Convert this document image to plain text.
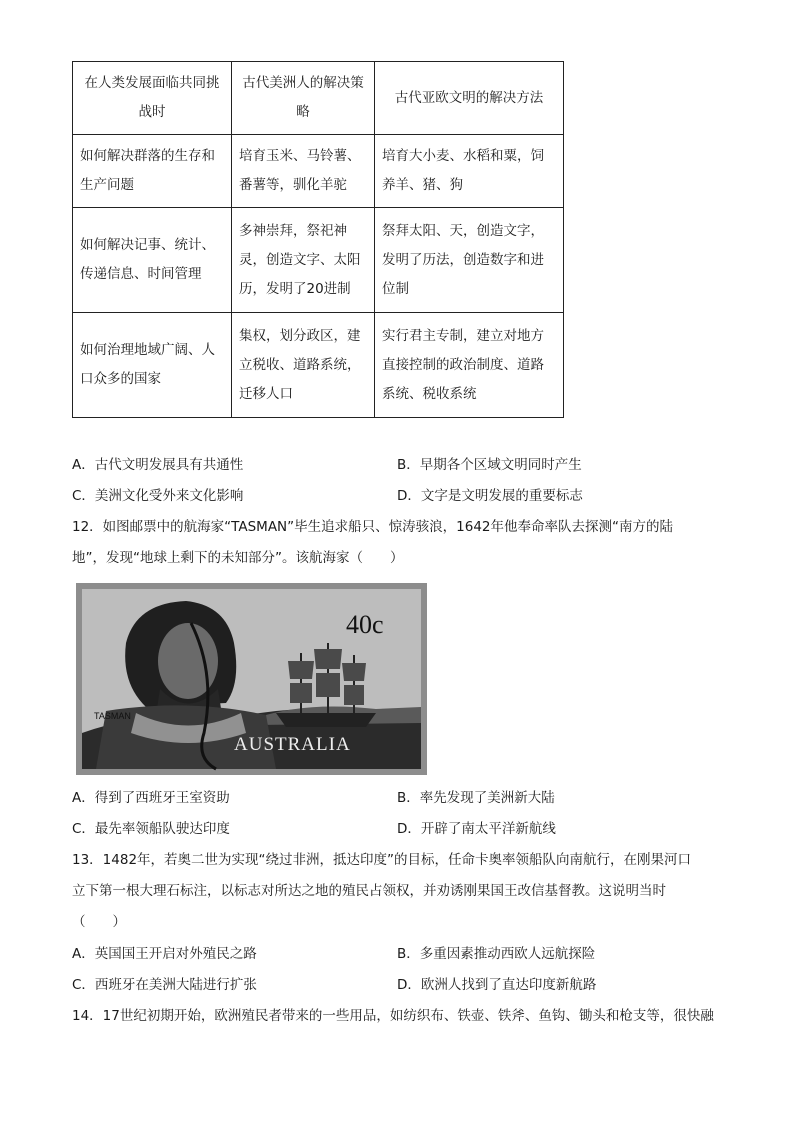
在人类发展面临共同挑战时	古代美洲人的解决策略	古代亚欧文明的解决方法
如何解决群落的生存和生产问题	培育玉米、马铃薯、番薯等，驯化羊驼	培育大小麦、水稻和粟，饲养羊、猪、狗
如何解决记事、统计、传递信息、时间管理	多神崇拜，祭祀神灵，创造文字、太阳历，发明了20进制	祭拜太阳、天，创造文字，发明了历法，创造数字和进位制
如何治理地域广阔、人口众多的国家	集权，划分政区，建立税收、道路系统，迁移人口	实行君主专制，建立对地方直接控制的政治制度、道路系统、税收系统
A．古代文明发展具有共通性	B．早期各个区域文明同时产生
C．美洲文化受外来文化影响	D．文字是文明发展的重要标志
12．如图邮票中的航海家“TASMAN”毕生追求船只、惊涛骇浪，1642年他奉命率队去探测“南方的陆
地”，发现“地球上剩下的未知部分”。该航海家（　　）
40c
TASMAN
AUSTRALIA
A．得到了西班牙王室资助	B．率先发现了美洲新大陆
C．最先率领船队驶达印度	D．开辟了南太平洋新航线
13．1482年，若奥二世为实现“绕过非洲，抵达印度”的目标，任命卡奥率领船队向南航行，在刚果河口
立下第一根大理石标注，以标志对所达之地的殖民占领权，并劝诱刚果国王改信基督教。这说明当时
（　　）
A．英国国王开启对外殖民之路	B．多重因素推动西欧人远航探险
C．西班牙在美洲大陆进行扩张	D．欧洲人找到了直达印度新航路
14．17世纪初期开始，欧洲殖民者带来的一些用品，如纺织布、铁壶、铁斧、鱼钩、锄头和枪支等，很快融
